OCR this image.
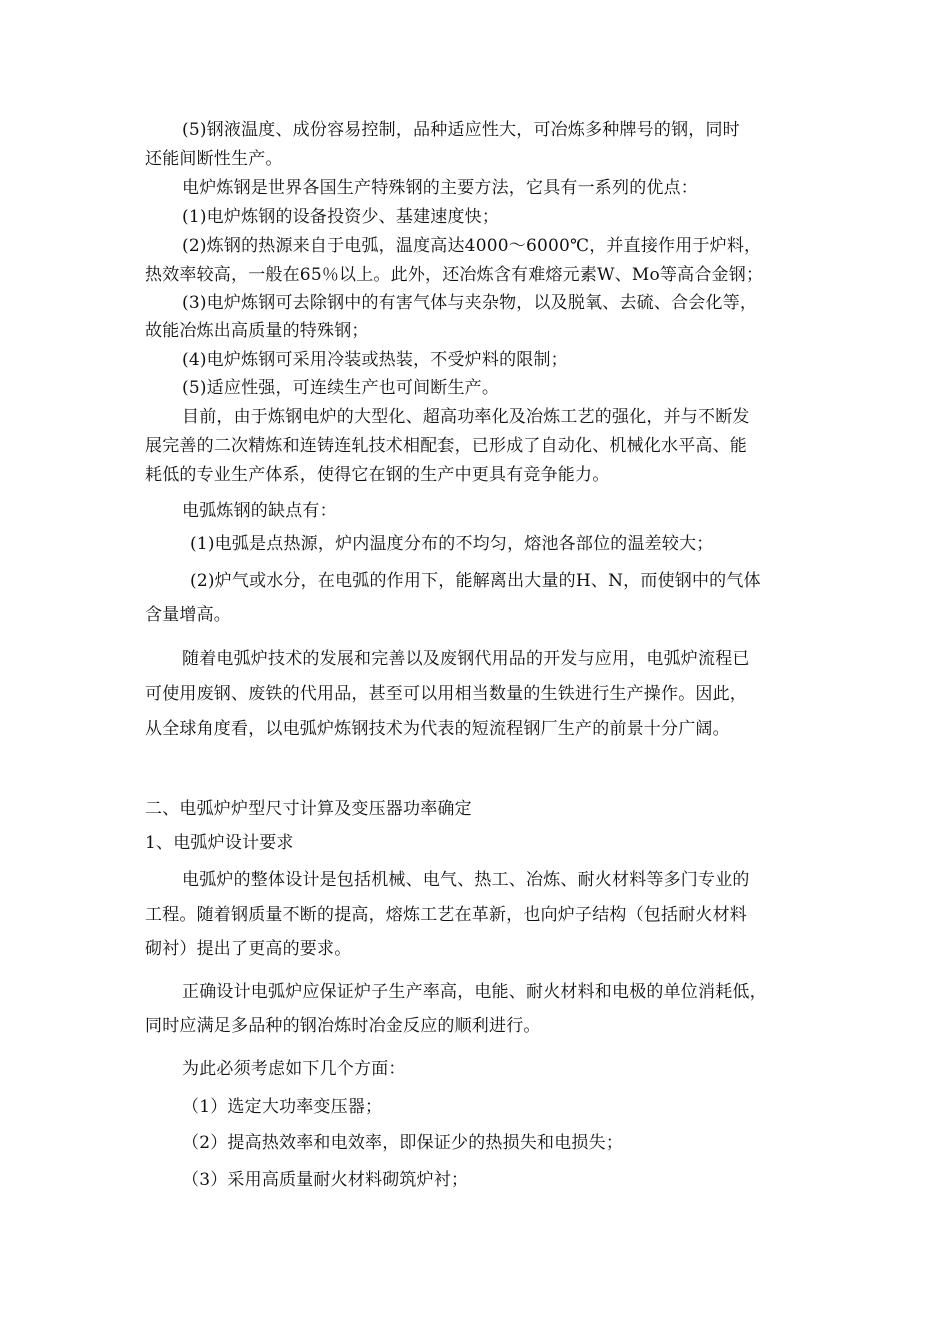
(5)钢液温度、成份容易控制，品种适应性大，可冶炼多种牌号的钢，同时
还能间断性生产。
电炉炼钢是世界各国生产特殊钢的主要方法，它具有一系列的优点：
(1)电炉炼钢的设备投资少、基建速度快；
(2)炼钢的热源来自于电弧，温度高达4000～6000℃，并直接作用于炉料，
热效率较高，一般在65％以上。此外，还冶炼含有难熔元素W、Mo等高合金钢；
(3)电炉炼钢可去除钢中的有害气体与夹杂物，以及脱氧、去硫、合会化等，
故能冶炼出高质量的特殊钢；
(4)电炉炼钢可采用冷装或热装，不受炉料的限制；
(5)适应性强，可连续生产也可间断生产。
目前，由于炼钢电炉的大型化、超高功率化及冶炼工艺的强化，并与不断发
展完善的二次精炼和连铸连轧技术相配套，已形成了自动化、机械化水平高、能
耗低的专业生产体系，使得它在钢的生产中更具有竞争能力。
电弧炼钢的缺点有：
(1)电弧是点热源，炉内温度分布的不均匀，熔池各部位的温差较大；
(2)炉气或水分，在电弧的作用下，能解离出大量的H、N，而使钢中的气体
含量增高。
随着电弧炉技术的发展和完善以及废钢代用品的开发与应用，电弧炉流程已
可使用废钢、废铁的代用品，甚至可以用相当数量的生铁进行生产操作。因此，
从全球角度看，以电弧炉炼钢技术为代表的短流程钢厂生产的前景十分广阔。
二、电弧炉炉型尺寸计算及变压器功率确定
1、电弧炉设计要求
电弧炉的整体设计是包括机械、电气、热工、冶炼、耐火材料等多门专业的
工程。随着钢质量不断的提高，熔炼工艺在革新，也向炉子结构（包括耐火材料
砌衬）提出了更高的要求。
正确设计电弧炉应保证炉子生产率高，电能、耐火材料和电极的单位消耗低，
同时应满足多品种的钢冶炼时冶金反应的顺利进行。
为此必须考虑如下几个方面：
（1）选定大功率变压器；
（2）提高热效率和电效率，即保证少的热损失和电损失；
（3）采用高质量耐火材料砌筑炉衬；
